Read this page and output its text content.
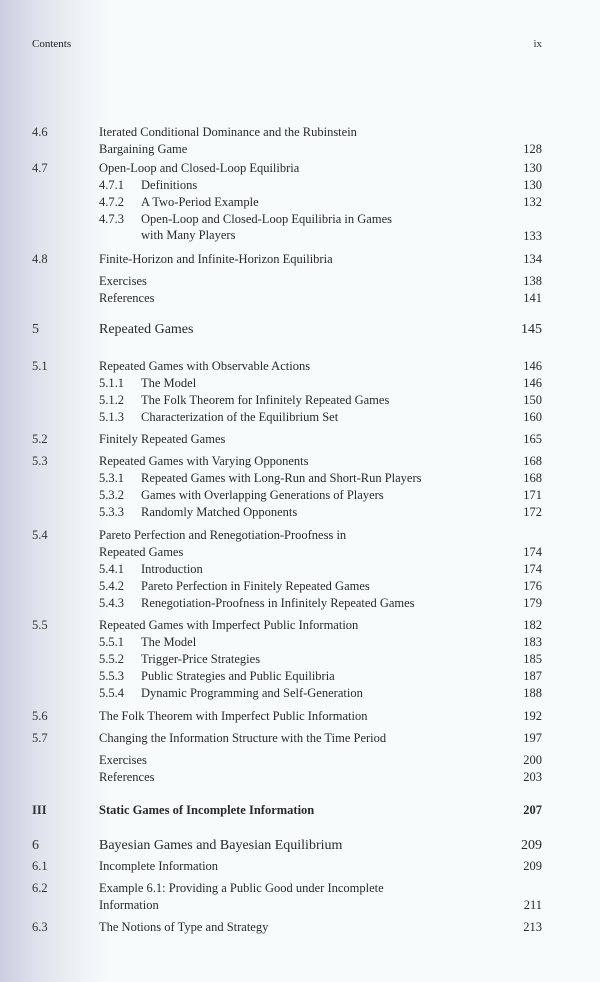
Contents	ix
4.6	Iterated Conditional Dominance and the Rubinstein
Bargaining Game	128
4.7	Open-Loop and Closed-Loop Equilibria	130
4.7.1 Definitions	130
4.7.2 A Two-Period Example	132
4.7.3 Open-Loop and Closed-Loop Equilibria in Games
with Many Players	133
4.8	Finite-Horizon and Infinite-Horizon Equilibria	134
Exercises	138
References	141
5	Repeated Games	145
5.1	Repeated Games with Observable Actions	146
5.1.1 The Model	146
5.1.2 The Folk Theorem for Infinitely Repeated Games	150
5.1.3 Characterization of the Equilibrium Set	160
5.2	Finitely Repeated Games	165
5.3	Repeated Games with Varying Opponents	168
5.3.1 Repeated Games with Long-Run and Short-Run Players	168
5.3.2 Games with Overlapping Generations of Players	171
5.3.3 Randomly Matched Opponents	172
5.4	Pareto Perfection and Renegotiation-Proofness in
Repeated Games	174
5.4.1 Introduction	174
5.4.2 Pareto Perfection in Finitely Repeated Games	176
5.4.3 Renegotiation-Proofness in Infinitely Repeated Games	179
5.5	Repeated Games with Imperfect Public Information	182
5.5.1 The Model	183
5.5.2 Trigger-Price Strategies	185
5.5.3 Public Strategies and Public Equilibria	187
5.5.4 Dynamic Programming and Self-Generation	188
5.6	The Folk Theorem with Imperfect Public Information	192
5.7	Changing the Information Structure with the Time Period	197
Exercises	200
References	203
III	Static Games of Incomplete Information	207
6	Bayesian Games and Bayesian Equilibrium	209
6.1	Incomplete Information	209
6.2	Example 6.1: Providing a Public Good under Incomplete
Information	211
6.3	The Notions of Type and Strategy	213
